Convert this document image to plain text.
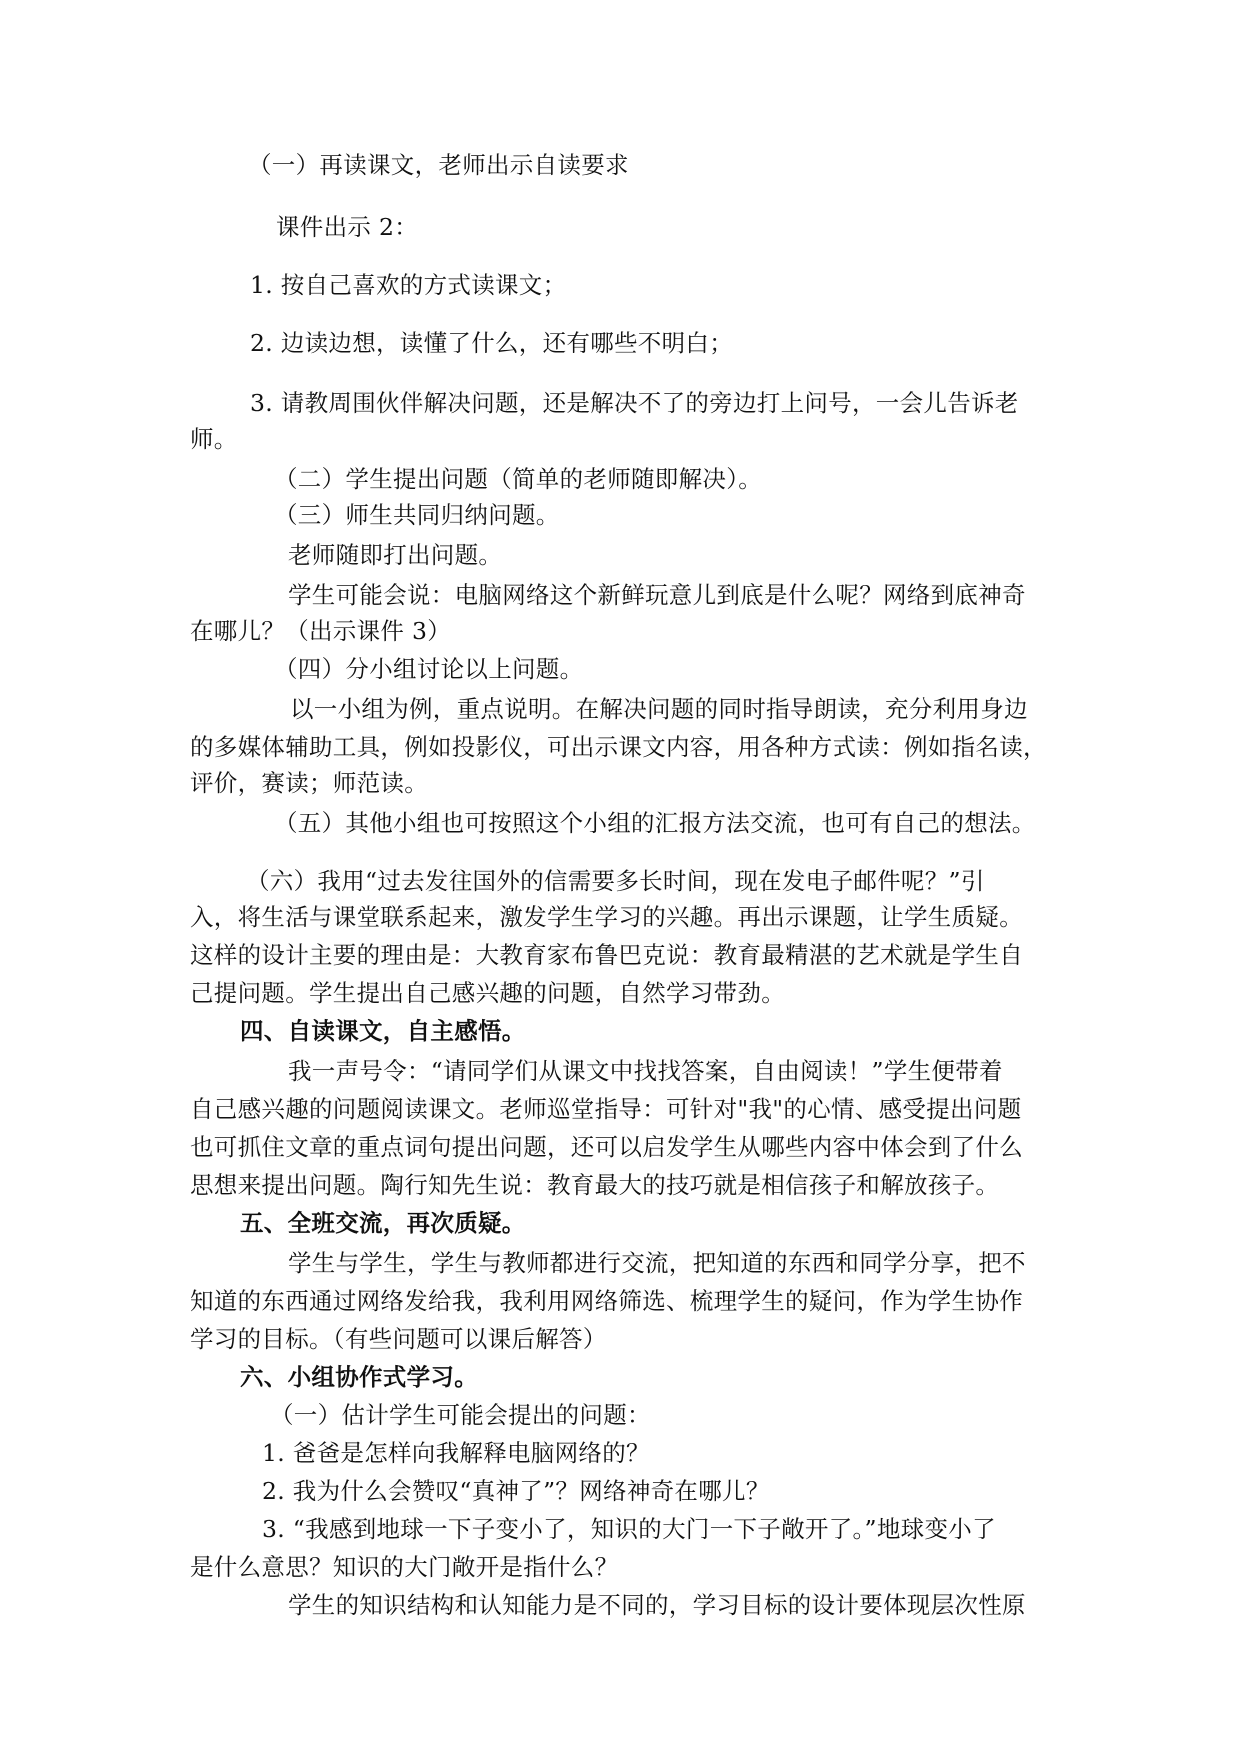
（一）再读课文，老师出示自读要求
课件出示 2：
1. 按自己喜欢的方式读课文；
2. 边读边想，读懂了什么，还有哪些不明白；
3. 请教周围伙伴解决问题，还是解决不了的旁边打上问号，一会儿告诉老
师。
（二）学生提出问题（简单的老师随即解决）。
（三）师生共同归纳问题。
老师随即打出问题。
学生可能会说：电脑网络这个新鲜玩意儿到底是什么呢？网络到底神奇
在哪儿？（出示课件 3）
（四）分小组讨论以上问题。
以一小组为例，重点说明。在解决问题的同时指导朗读，充分利用身边
的多媒体辅助工具，例如投影仪，可出示课文内容，用各种方式读：例如指名读，
评价，赛读；师范读。
（五）其他小组也可按照这个小组的汇报方法交流，也可有自己的想法。
（六）我用“过去发往国外的信需要多长时间，现在发电子邮件呢？”引
入，将生活与课堂联系起来，激发学生学习的兴趣。再出示课题，让学生质疑。
这样的设计主要的理由是：大教育家布鲁巴克说：教育最精湛的艺术就是学生自
己提问题。学生提出自己感兴趣的问题，自然学习带劲。
四、自读课文，自主感悟。
我一声号令：“请同学们从课文中找找答案，自由阅读！”学生便带着
自己感兴趣的问题阅读课文。老师巡堂指导：可针对"我"的心情、感受提出问题
也可抓住文章的重点词句提出问题，还可以启发学生从哪些内容中体会到了什么
思想来提出问题。陶行知先生说：教育最大的技巧就是相信孩子和解放孩子。
五、全班交流，再次质疑。
学生与学生，学生与教师都进行交流，把知道的东西和同学分享，把不
知道的东西通过网络发给我，我利用网络筛选、梳理学生的疑问，作为学生协作
学习的目标。（有些问题可以课后解答）
六、小组协作式学习。
（一）估计学生可能会提出的问题：
1. 爸爸是怎样向我解释电脑网络的？
2. 我为什么会赞叹“真神了”？网络神奇在哪儿？
3. “我感到地球一下子变小了，知识的大门一下子敞开了。”地球变小了
是什么意思？知识的大门敞开是指什么？
学生的知识结构和认知能力是不同的，学习目标的设计要体现层次性原
